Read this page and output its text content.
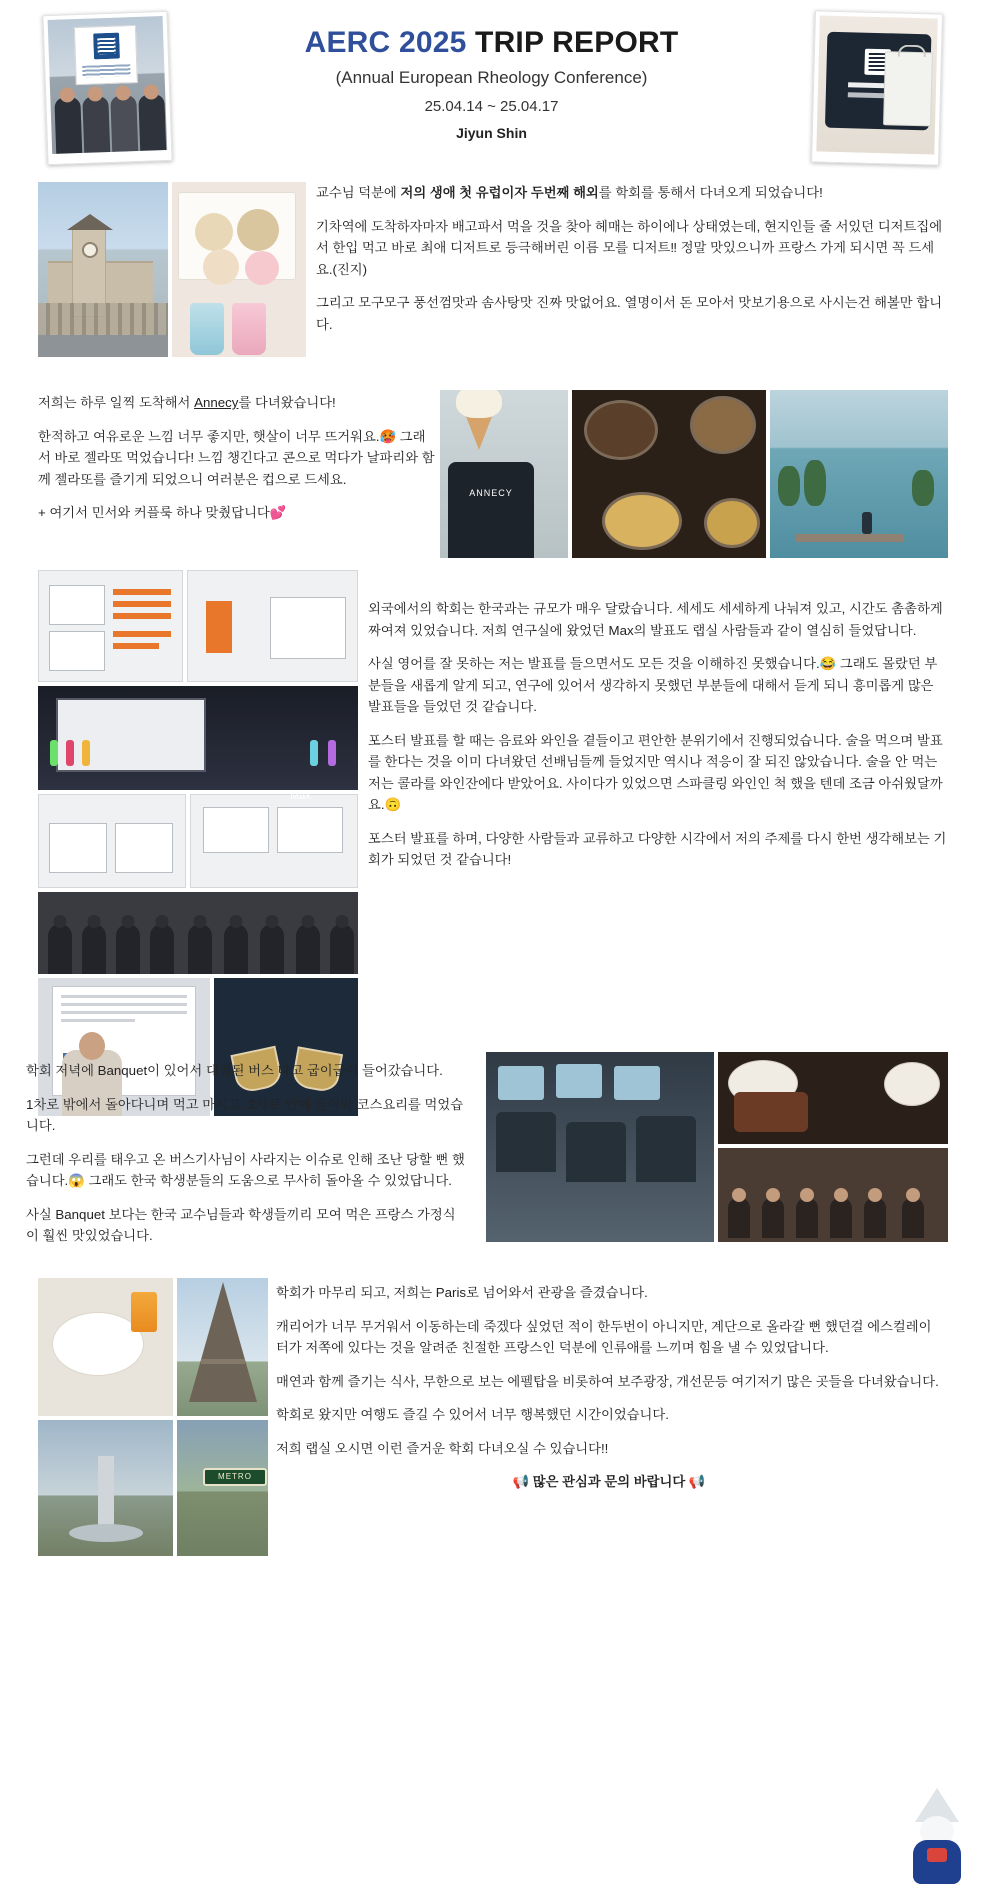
AERC 2025 TRIP REPORT
(Annual European Rheology Conference)
25.04.14 ~ 25.04.17
Jiyun Shin

교수님 덕분에 저의 생애 첫 유럽이자 두번째 해외를 학회를 통해서 다녀오게 되었습니다!

기차역에 도착하자마자 배고파서 먹을 것을 찾아 헤매는 하이에나 상태였는데, 현지인들 줄 서있던 디저트집에서 한입 먹고 바로 최애 디저트로 등극해버린 이름 모를 디저트‼ 정말 맛있으니까 프랑스 가게 되시면 꼭 드세요.(진지)

그리고 모구모구 풍선껌맛과 솜사탕맛 진짜 맛없어요. 열명이서 돈 모아서 맛보기용으로 사시는건 해볼만 합니다.

저희는 하루 일찍 도착해서 Annecy를 다녀왔습니다!

한적하고 여유로운 느낌 너무 좋지만, 햇살이 너무 뜨거워요.🥵 그래서 바로 젤라또 먹었습니다! 느낌 챙긴다고 콘으로 먹다가 날파리와 함께 젤라또를 즐기게 되었으니 여러분은 컵으로 드세요.

+ 여기서 민서와 커플룩 하나 맞췄답니다💕

ANNECY

외국에서의 학회는 한국과는 규모가 매우 달랐습니다. 세세도 세세하게 나눠져 있고, 시간도 촘촘하게 짜여져 있었습니다. 저희 연구실에 왔었던 Max의 발표도 랩실 사람들과 같이 열심히 들었답니다.

사실 영어를 잘 못하는 저는 발표를 들으면서도 모든 것을 이해하진 못했습니다.😂 그래도 몰랐던 부분들을 새롭게 알게 되고, 연구에 있어서 생각하지 못했던 부분들에 대해서 듣게 되니 흥미롭게 많은 발표들을 들었던 것 같습니다.

포스터 발표를 할 때는 음료와 와인을 곁들이고 편안한 분위기에서 진행되었습니다. 술을 먹으며 발표를 한다는 것을 이미 다녀왔던 선배님들께 들었지만 역시나 적응이 잘 되진 않았습니다. 술을 안 먹는 저는 콜라를 와인잔에다 받았어요. 사이다가 있었으면 스파클링 와인인 척 했을 텐데 조금 아쉬웠달까요.🙃

포스터 발표를 하며, 다양한 사람들과 교류하고 다양한 시각에서 저의 주제를 다시 한번 생각해보는 기회가 되었던 것 같습니다!

Max

학회 저녁에 Banquet이 있어서 대절된 버스 타고 굽이굽이 들어갔습니다.

1차로 밖에서 돌아다니며 먹고 마시고, 2차로 안에 들어와 코스요리를 먹었습니다.

그런데 우리를 태우고 온 버스기사님이 사라지는 이슈로 인해 조난 당할 뻔 했습니다.😱 그래도 한국 학생분들의 도움으로 무사히 돌아올 수 있었답니다.

사실 Banquet 보다는 한국 교수님들과 학생들끼리 모여 먹은 프랑스 가정식이 훨씬 맛있었습니다.

METRO

학회가 마무리 되고, 저희는 Paris로 넘어와서 관광을 즐겼습니다.

캐리어가 너무 무거워서 이동하는데 죽겠다 싶었던 적이 한두번이 아니지만, 계단으로 올라갈 뻔 했던걸 에스컬레이터가 저쪽에 있다는 것을 알려준 친절한 프랑스인 덕분에 인류애를 느끼며 힘을 낼 수 있었답니다.

매연과 함께 즐기는 식사, 무한으로 보는 에펠탑을 비롯하여 보주광장, 개선문등 여기저기 많은 곳들을 다녀왔습니다.

학회로 왔지만 여행도 즐길 수 있어서 너무 행복했던 시간이었습니다.

저희 랩실 오시면 이런 즐거운 학회 다녀오실 수 있습니다!!

📢 많은 관심과 문의 바랍니다 📢
